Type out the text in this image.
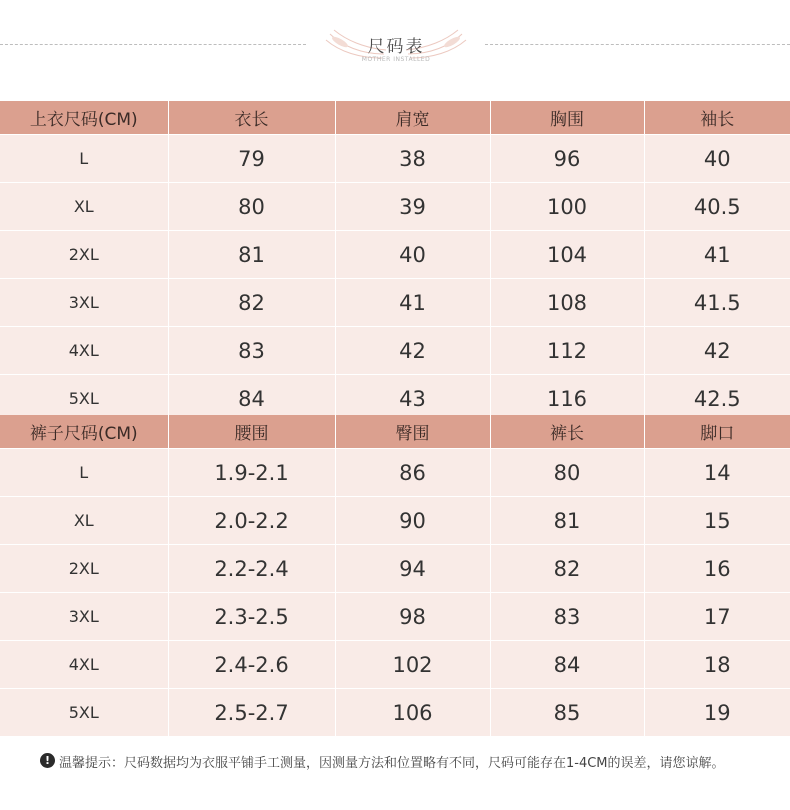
尺码表
MOTHER INSTALLED
上衣尺码(CM)	衣长	肩宽	胸围	袖长
L	79	38	96	40
XL	80	39	100	40.5
2XL	81	40	104	41
3XL	82	41	108	41.5
4XL	83	42	112	42
5XL	84	43	116	42.5
裤子尺码(CM)	腰围	臀围	裤长	脚口
L	1.9-2.1	86	80	14
XL	2.0-2.2	90	81	15
2XL	2.2-2.4	94	82	16
3XL	2.3-2.5	98	83	17
4XL	2.4-2.6	102	84	18
5XL	2.5-2.7	106	85	19
! 温馨提示：尺码数据均为衣服平铺手工测量，因测量方法和位置略有不同，尺码可能存在1-4CM的误差，请您谅解。
